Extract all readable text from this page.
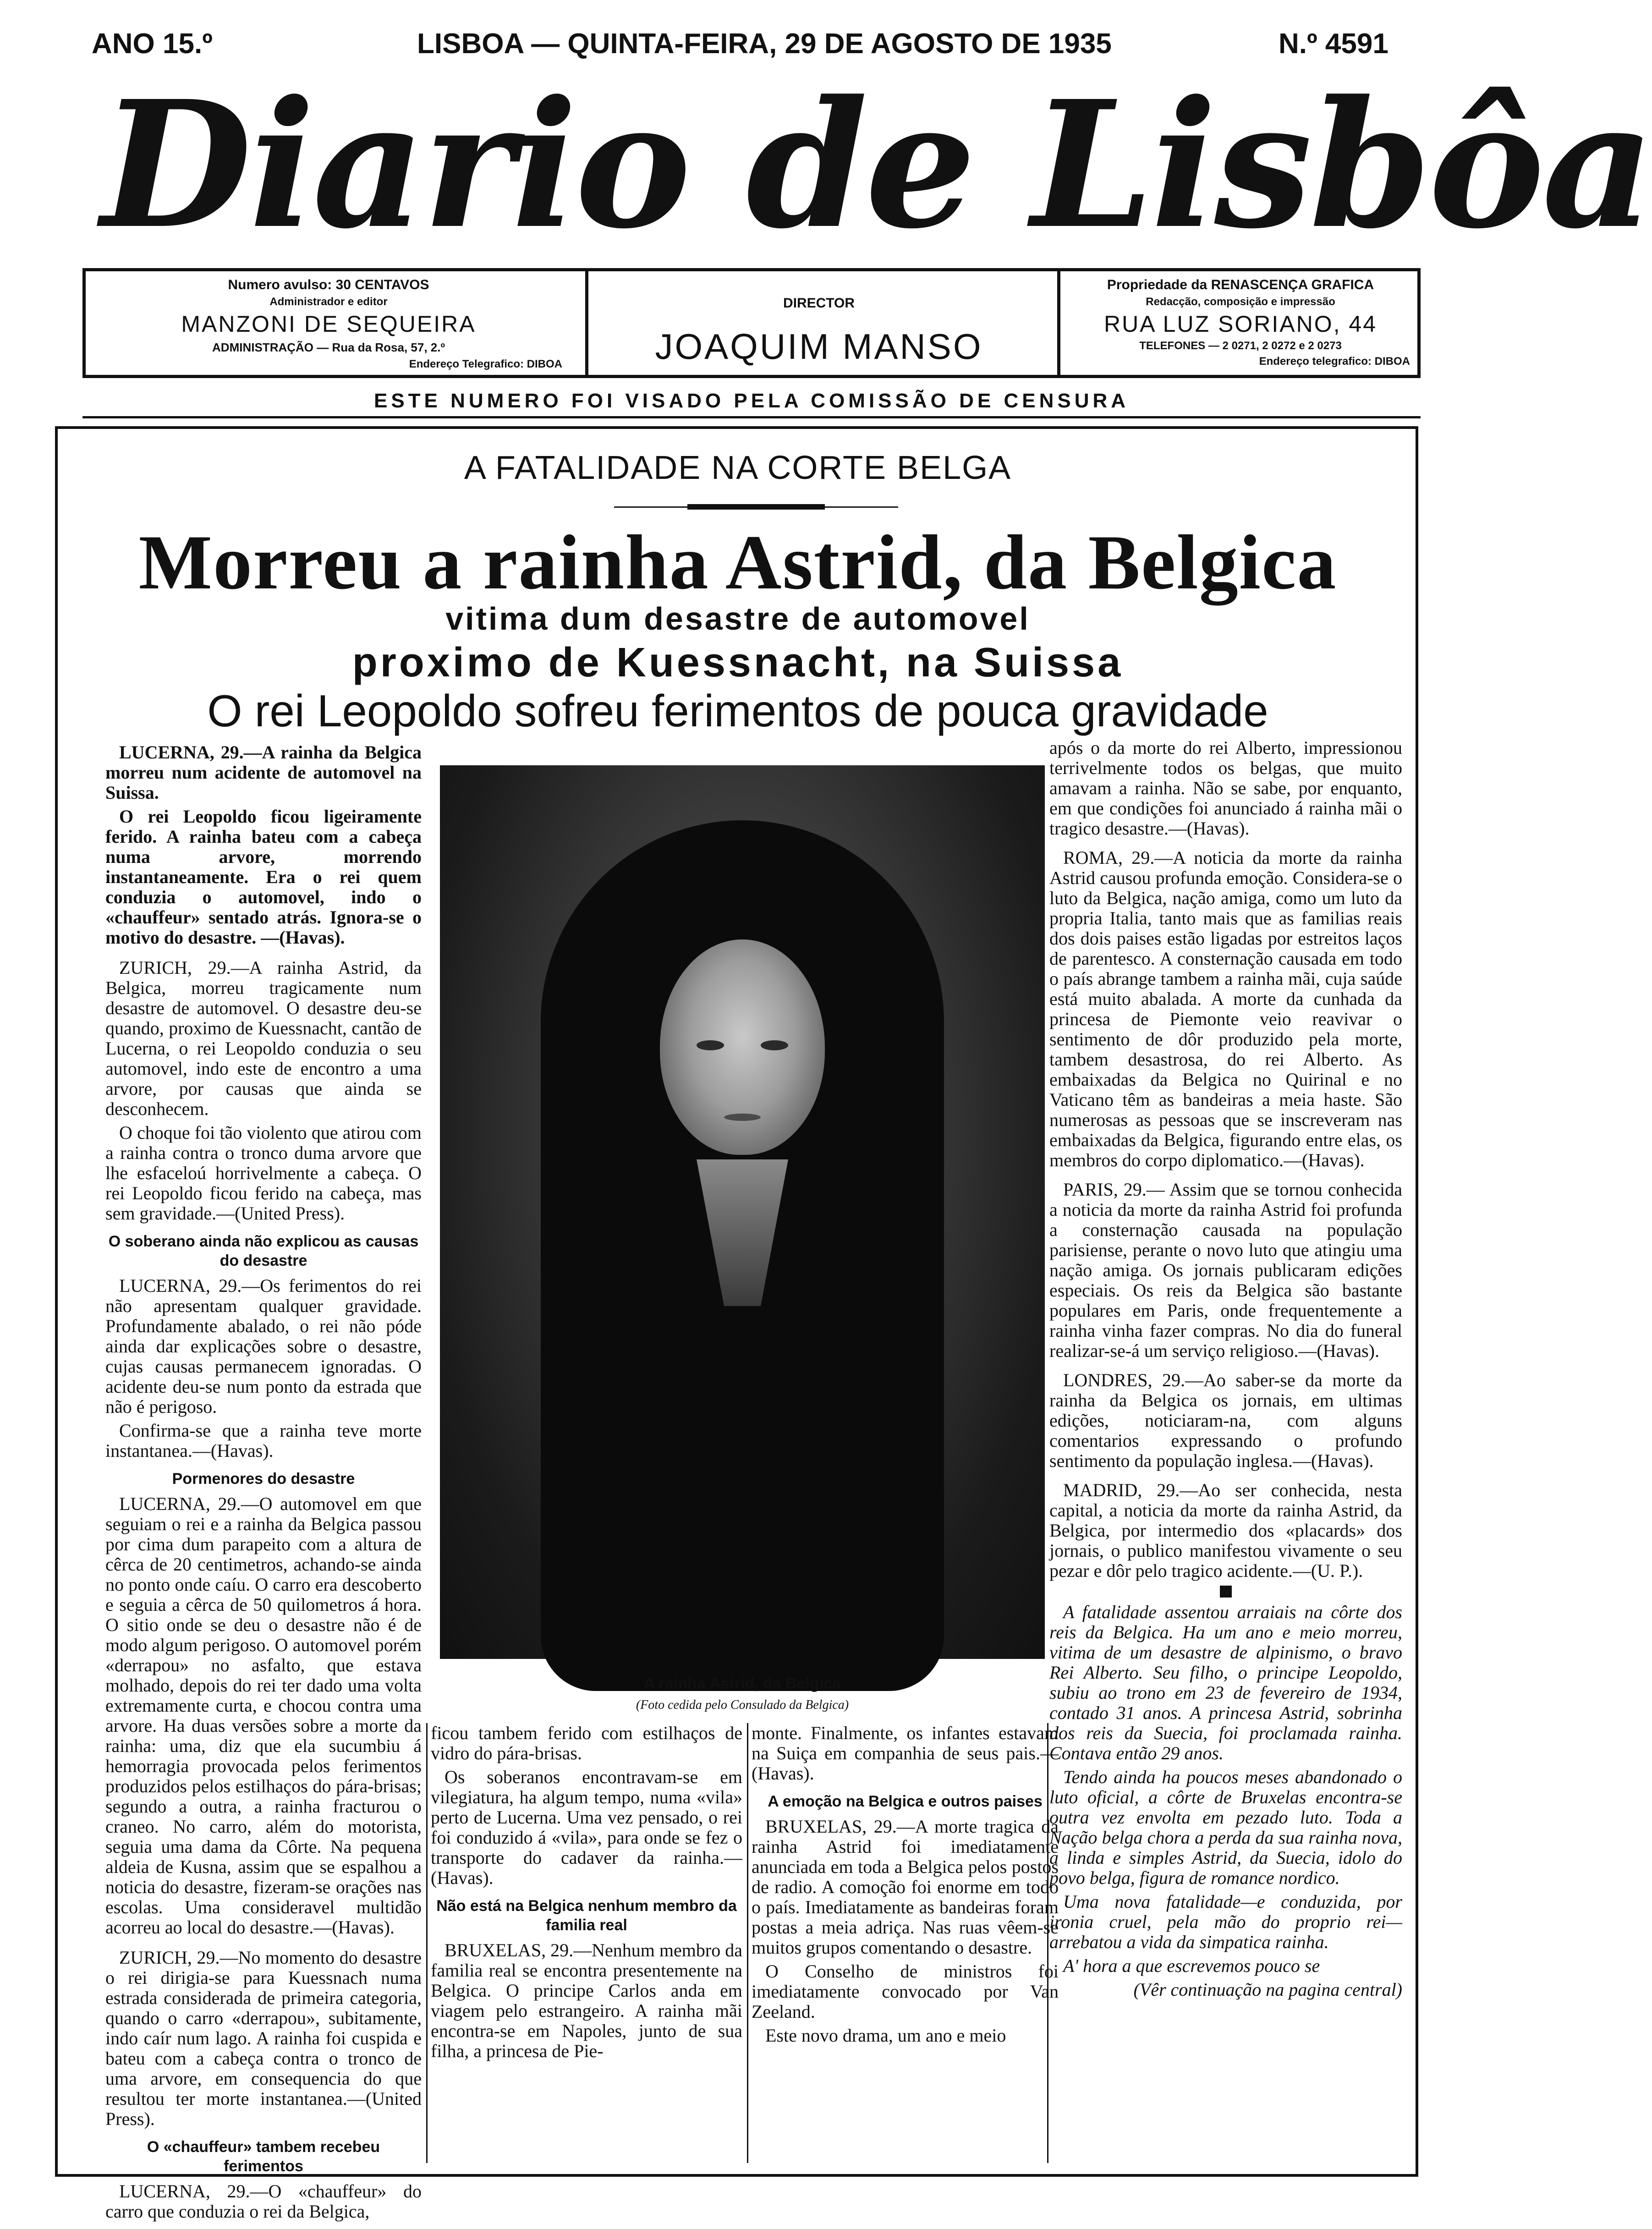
ANO 15.º	LISBOA — QUINTA-FEIRA, 29 DE AGOSTO DE 1935	N.º 4591
Diario de Lisbôa
Numero avulso: 30 CENTAVOS
Administrador e editor
MANZONI DE SEQUEIRA
ADMINISTRAÇÃO — Rua da Rosa, 57, 2.º
Endereço Telegrafico: DIBOA
DIRECTOR
JOAQUIM MANSO
Propriedade da RENASCENÇA GRAFICA
Redacção, composição e impressão
RUA LUZ SORIANO, 44
TELEFONES — 2 0271, 2 0272 e 2 0273
Endereço telegrafico: DIBOA
ESTE NUMERO FOI VISADO PELA COMISSÃO DE CENSURA
A FATALIDADE NA CORTE BELGA
Morreu a rainha Astrid, da Belgica
vitima dum desastre de automovel
proximo de Kuessnacht, na Suissa
O rei Leopoldo sofreu ferimentos de pouca gravidade

LUCERNA, 29.—A rainha da Belgica morreu num acidente de automovel na Suissa.

O rei Leopoldo ficou ligeiramente ferido. A rainha bateu com a cabeça numa arvore, morrendo instantaneamente. Era o rei quem conduzia o automovel, indo o «chauffeur» sentado atrás. Ignora-se o motivo do desastre. —(Havas).

ZURICH, 29.—A rainha Astrid, da Belgica, morreu tragicamente num desastre de automovel. O desastre deu-se quando, proximo de Kuessnacht, cantão de Lucerna, o rei Leopoldo conduzia o seu automovel, indo este de encontro a uma arvore, por causas que ainda se desconhecem.

O choque foi tão violento que atirou com a rainha contra o tronco duma arvore que lhe esfaceloú horrivelmente a cabeça. O rei Leopoldo ficou ferido na cabeça, mas sem gravidade.—(United Press).

O soberano ainda não explicou as causas do desastre

LUCERNA, 29.—Os ferimentos do rei não apresentam qualquer gravidade. Profundamente abalado, o rei não póde ainda dar explicações sobre o desastre, cujas causas permanecem ignoradas. O acidente deu-se num ponto da estrada que não é perigoso.

Confirma-se que a rainha teve morte instantanea.—(Havas).

Pormenores do desastre

LUCERNA, 29.—O automovel em que seguiam o rei e a rainha da Belgica passou por cima dum parapeito com a altura de cêrca de 20 centimetros, achando-se ainda no ponto onde caíu. O carro era descoberto e seguia a cêrca de 50 quilometros á hora. O sitio onde se deu o desastre não é de modo algum perigoso. O automovel porém «derrapou» no asfalto, que estava molhado, depois do rei ter dado uma volta extremamente curta, e chocou contra uma arvore. Ha duas versões sobre a morte da rainha: uma, diz que ela sucumbiu á hemorragia provocada pelos ferimentos produzidos pelos estilhaços do pára-brisas; segundo a outra, a rainha fracturou o craneo. No carro, além do motorista, seguia uma dama da Côrte. Na pequena aldeia de Kusna, assim que se espalhou a noticia do desastre, fizeram-se orações nas escolas. Uma consideravel multidão acorreu ao local do desastre.—(Havas).

ZURICH, 29.—No momento do desastre o rei dirigia-se para Kuessnach numa estrada considerada de primeira categoria, quando o carro «derrapou», subitamente, indo caír num lago. A rainha foi cuspida e bateu com a cabeça contra o tronco de uma arvore, em consequencia do que resultou ter morte instantanea.—(United Press).

O «chauffeur» tambem recebeu ferimentos

LUCERNA, 29.—O «chauffeur» do carro que conduzia o rei da Belgica,

A rainha Astrid, da Belgica
(Foto cedida pelo Consulado da Belgica)

ficou tambem ferido com estilhaços de vidro do pára-brisas.

Os soberanos encontravam-se em vilegiatura, ha algum tempo, numa «vila» perto de Lucerna. Uma vez pensado, o rei foi conduzido á «vila», para onde se fez o transporte do cadaver da rainha.—(Havas).

Não está na Belgica nenhum membro da familia real

BRUXELAS, 29.—Nenhum membro da familia real se encontra presentemente na Belgica. O principe Carlos anda em viagem pelo estrangeiro. A rainha mãi encontra-se em Napoles, junto de sua filha, a princesa de Pie-

monte. Finalmente, os infantes estavam na Suiça em companhia de seus pais.—(Havas).

A emoção na Belgica e outros paises

BRUXELAS, 29.—A morte tragica da rainha Astrid foi imediatamente anunciada em toda a Belgica pelos postos de radio. A comoção foi enorme em todo o país. Imediatamente as bandeiras foram postas a meia adriça. Nas ruas vêem-se muitos grupos comentando o desastre.

O Conselho de ministros foi imediatamente convocado por Van Zeeland.

Este novo drama, um ano e meio

após o da morte do rei Alberto, impressionou terrivelmente todos os belgas, que muito amavam a rainha. Não se sabe, por enquanto, em que condições foi anunciado á rainha mãi o tragico desastre.—(Havas).

ROMA, 29.—A noticia da morte da rainha Astrid causou profunda emoção. Considera-se o luto da Belgica, nação amiga, como um luto da propria Italia, tanto mais que as familias reais dos dois paises estão ligadas por estreitos laços de parentesco. A consternação causada em todo o país abrange tambem a rainha mãi, cuja saúde está muito abalada. A morte da cunhada da princesa de Piemonte veio reavivar o sentimento de dôr produzido pela morte, tambem desastrosa, do rei Alberto. As embaixadas da Belgica no Quirinal e no Vaticano têm as bandeiras a meia haste. São numerosas as pessoas que se inscreveram nas embaixadas da Belgica, figurando entre elas, os membros do corpo diplomatico.—(Havas).

PARIS, 29.— Assim que se tornou conhecida a noticia da morte da rainha Astrid foi profunda a consternação causada na população parisiense, perante o novo luto que atingiu uma nação amiga. Os jornais publicaram edições especiais. Os reis da Belgica são bastante populares em Paris, onde frequentemente a rainha vinha fazer compras. No dia do funeral realizar-se-á um serviço religioso.—(Havas).

LONDRES, 29.—Ao saber-se da morte da rainha da Belgica os jornais, em ultimas edições, noticiaram-na, com alguns comentarios expressando o profundo sentimento da população inglesa.—(Havas).

MADRID, 29.—Ao ser conhecida, nesta capital, a noticia da morte da rainha Astrid, da Belgica, por intermedio dos «placards» dos jornais, o publico manifestou vivamente o seu pezar e dôr pelo tragico acidente.—(U. P.).

A fatalidade assentou arraiais na côrte dos reis da Belgica. Ha um ano e meio morreu, vitima de um desastre de alpinismo, o bravo Rei Alberto. Seu filho, o principe Leopoldo, subiu ao trono em 23 de fevereiro de 1934, contado 31 anos. A princesa Astrid, sobrinha dos reis da Suecia, foi proclamada rainha. Contava então 29 anos.

Tendo ainda ha poucos meses abandonado o luto oficial, a côrte de Bruxelas encontra-se outra vez envolta em pezado luto. Toda a Nação belga chora a perda da sua rainha nova, a linda e simples Astrid, da Suecia, idolo do povo belga, figura de romance nordico.

Uma nova fatalidade—e conduzida, por ironia cruel, pela mão do proprio rei—arrebatou a vida da simpatica rainha.

A' hora a que escrevemos pouco se

(Vêr continuação na pagina central)
